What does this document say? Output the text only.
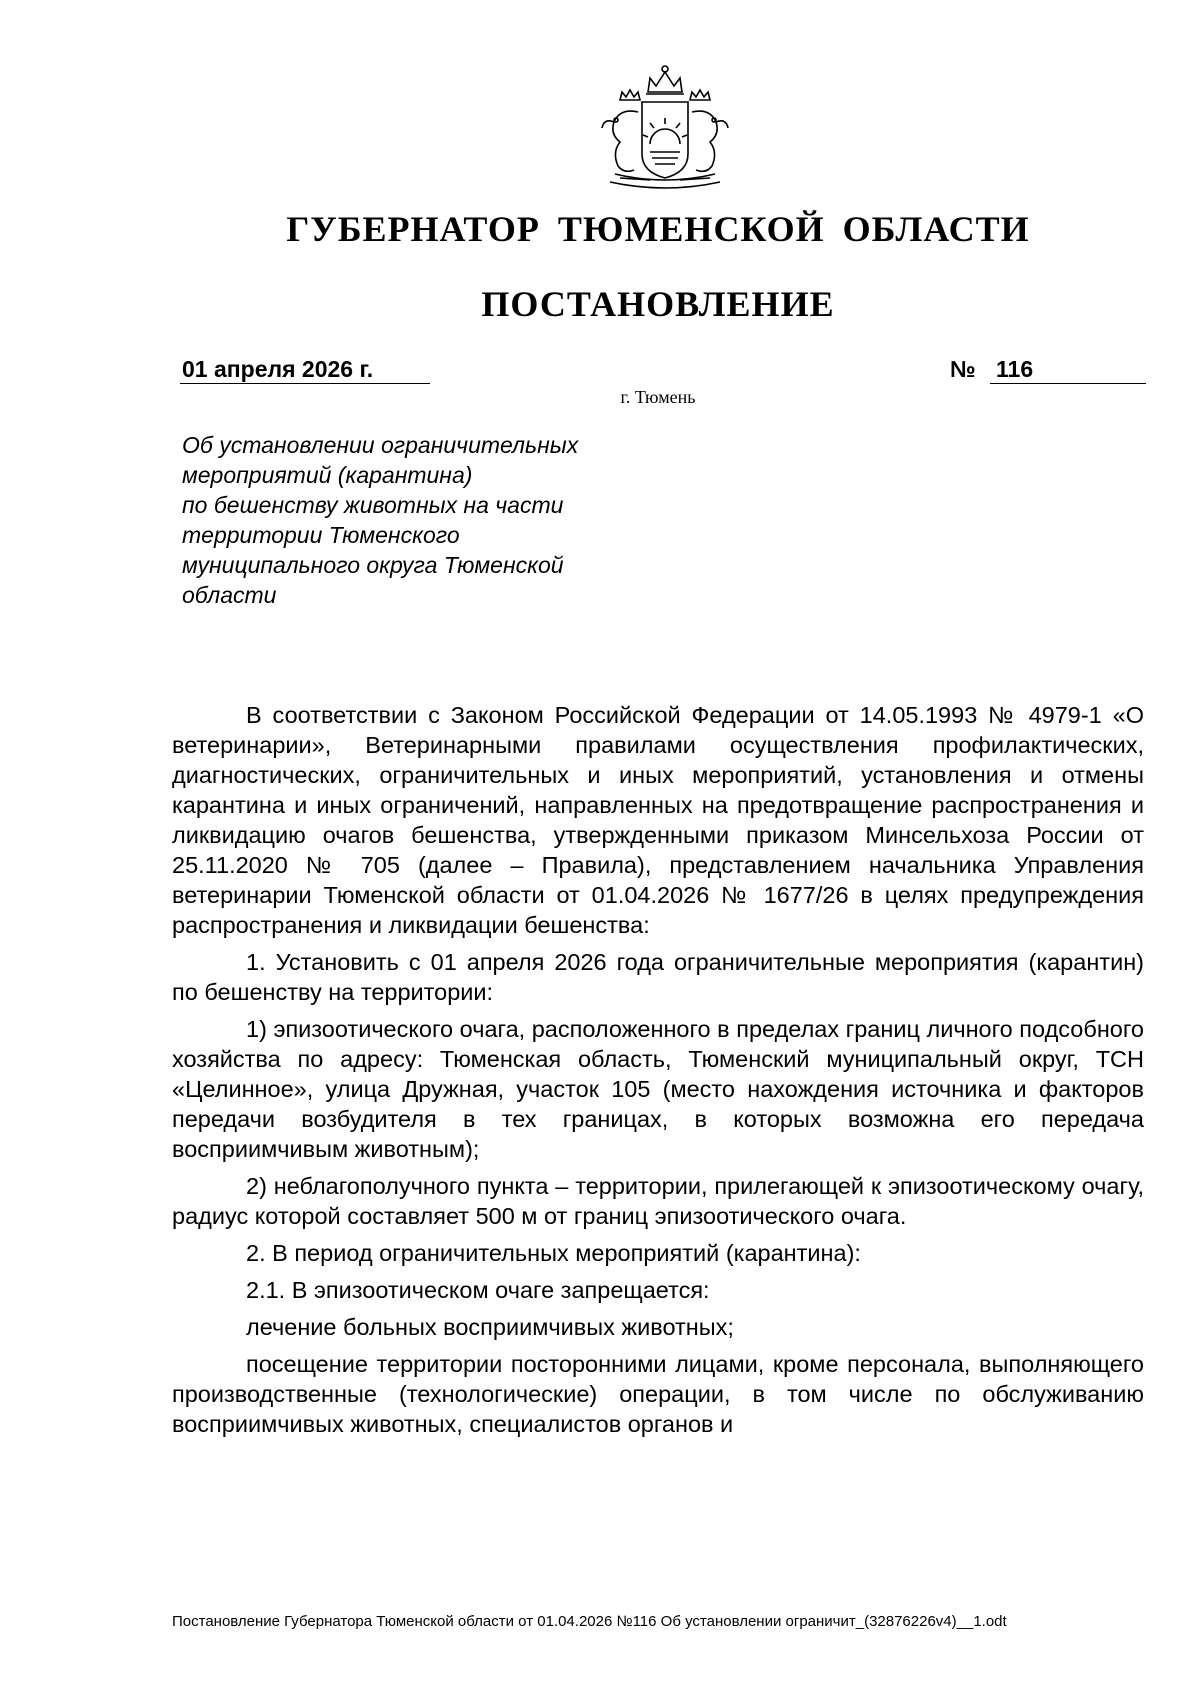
ГУБЕРНАТОР ТЮМЕНСКОЙ ОБЛАСТИ
ПОСТАНОВЛЕНИЕ
01 апреля 2026 г.	№ 116
г. Тюмень
Об установлении ограничительных
мероприятий (карантина)
по бешенству животных на части
территории Тюменского
муниципального округа Тюменской
области

В соответствии с Законом Российской Федерации от 14.05.1993 № 4979-1 «О ветеринарии», Ветеринарными правилами осуществления профилактических, диагностических, ограничительных и иных мероприятий, установления и отмены карантина и иных ограничений, направленных на предотвращение распространения и ликвидацию очагов бешенства, утвержденными приказом Минсельхоза России от 25.11.2020 № 705 (далее – Правила), представлением начальника Управления ветеринарии Тюменской области от 01.04.2026 № 1677/26 в целях предупреждения распространения и ликвидации бешенства:

1. Установить с 01 апреля 2026 года ограничительные мероприятия (карантин) по бешенству на территории:

1) эпизоотического очага, расположенного в пределах границ личного подсобного хозяйства по адресу: Тюменская область, Тюменский муниципальный округ, ТСН «Целинное», улица Дружная, участок 105 (место нахождения источника и факторов передачи возбудителя в тех границах, в которых возможна его передача восприимчивым животным);

2) неблагополучного пункта – территории, прилегающей к эпизоотическому очагу, радиус которой составляет 500 м от границ эпизоотического очага.

2. В период ограничительных мероприятий (карантина):

2.1. В эпизоотическом очаге запрещается:

лечение больных восприимчивых животных;

посещение территории посторонними лицами, кроме персонала, выполняющего производственные (технологические) операции, в том числе по обслуживанию восприимчивых животных, специалистов органов и

Постановление Губернатора Тюменской области от 01.04.2026 №116 Об установлении ограничит_(32876226v4)__1.odt
